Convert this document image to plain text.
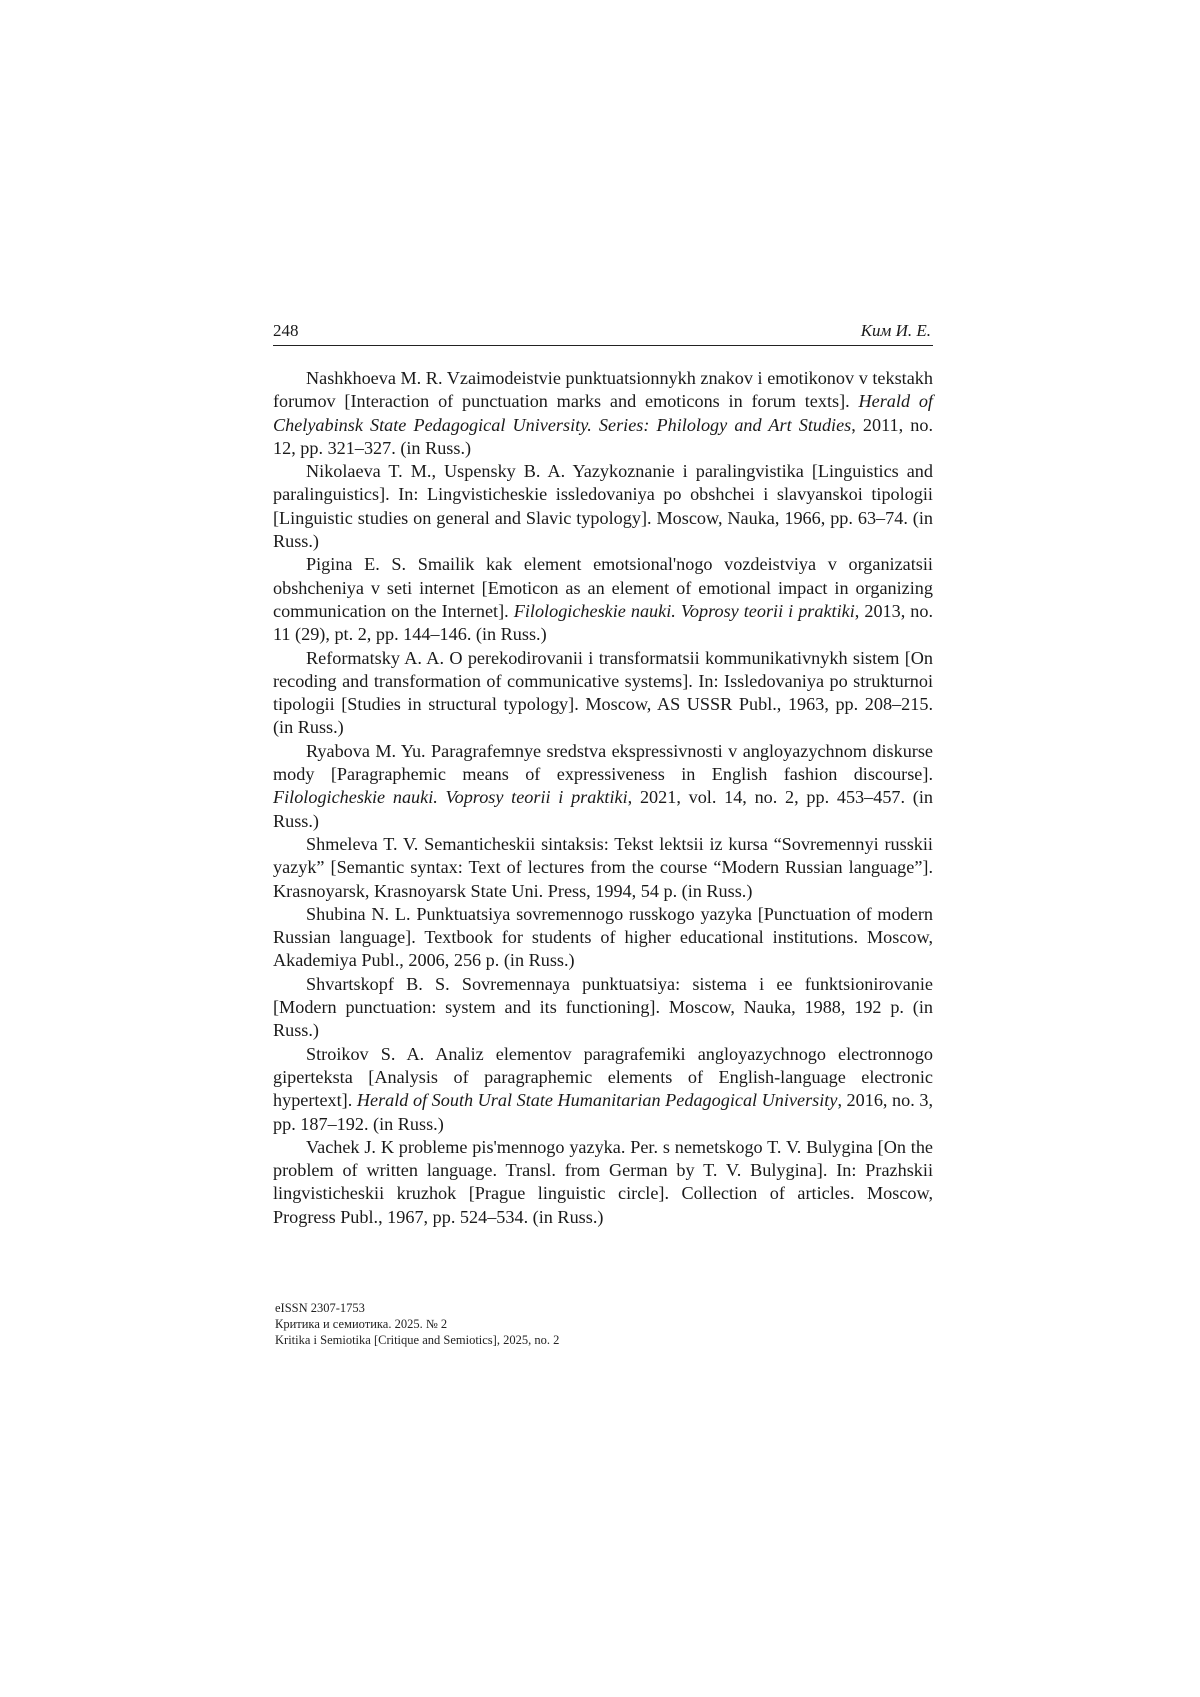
248	Ким И. Е.
Nashkhoeva M. R. Vzaimodeistvie punktuatsionnykh znakov i emotikonov v tekstakh forumov [Interaction of punctuation marks and emoticons in forum texts]. Herald of Chelyabinsk State Pedagogical University. Series: Philology and Art Studies, 2011, no. 12, pp. 321–327. (in Russ.)
Nikolaeva T. M., Uspensky B. A. Yazykoznanie i paralingvistika [Linguis­tics and paralinguistics]. In: Lingvisticheskie issledovaniya po obshchei i slavyanskoi tipologii [Linguistic studies on general and Slavic typology]. Mos­cow, Nauka, 1966, pp. 63–74. (in Russ.)
Pigina E. S. Smailik kak element emotsional'nogo vozdeistviya v organiza­tsii obshcheniya v seti internet [Emoticon as an element of emotional impact in organizing communication on the Internet]. Filologicheskie nauki. Voprosy teorii i praktiki, 2013, no. 11 (29), pt. 2, pp. 144–146. (in Russ.)
Reformatsky A. A. O perekodirovanii i transformatsii kommunikativnykh sistem [On recoding and transformation of communicative systems]. In: Issle­dovaniya po strukturnoi tipologii [Studies in structural typology]. Moscow, AS USSR Publ., 1963, pp. 208–215. (in Russ.)
Ryabova M. Yu. Paragrafemnye sredstva ekspressivnosti v angloyazychnom diskurse mody [Paragraphemic means of expressiveness in English fashion dis­course]. Filologicheskie nauki. Voprosy teorii i praktiki, 2021, vol. 14, no. 2, pp. 453–457. (in Russ.)
Shmeleva T. V. Semanticheskii sintaksis: Tekst lektsii iz kursa “Sovremen­nyi russkii yazyk” [Semantic syntax: Text of lectures from the course “Modern Russian language”]. Krasnoyarsk, Krasnoyarsk State Uni. Press, 1994, 54 p. (in Russ.)
Shubina N. L. Punktuatsiya sovremennogo russkogo yazyka [Punctuation of modern Russian language]. Textbook for students of higher educational institu­tions. Moscow, Akademiya Publ., 2006, 256 p. (in Russ.)
Shvartskopf B. S. Sovremennaya punktuatsiya: sistema i ee funktsionirova­nie [Modern punctuation: system and its functioning]. Moscow, Nauka, 1988, 192 p. (in Russ.)
Stroikov S. A. Analiz elementov paragrafemiki angloyazychnogo electron­nogo giperteksta [Analysis of paragraphemic elements of English-language electronic hypertext]. Herald of South Ural State Humanitarian Pedagogical University, 2016, no. 3, pp. 187–192. (in Russ.)
Vachek J. K probleme pis'mennogo yazyka. Per. s nemetskogo T. V. Buly­gina [On the problem of written language. Transl. from German by T. V. Bu­lygina]. In: Prazhskii lingvisticheskii kruzhok [Prague linguistic circle]. Collec­tion of articles. Moscow, Progress Publ., 1967, pp. 524–534. (in Russ.)
eISSN 2307-1753
Критика и семиотика. 2025. № 2
Kritika i Semiotika [Critique and Semiotics], 2025, no. 2
